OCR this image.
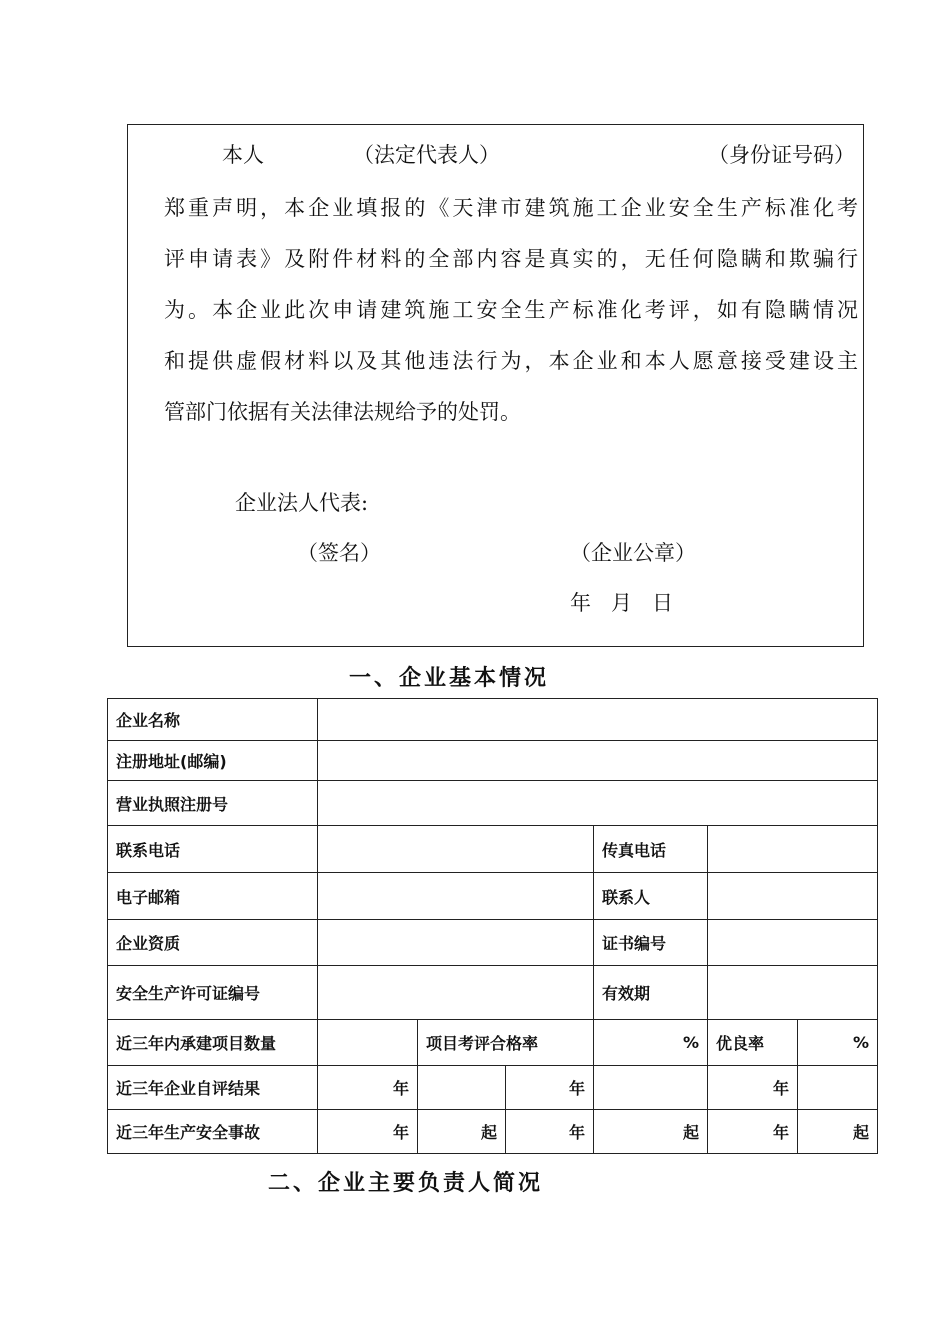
本人	（法定代表人）	（身份证号码）
郑重声明，本企业填报的《天津市建筑施工企业安全生产标准化考
评申请表》及附件材料的全部内容是真实的，无任何隐瞒和欺骗行
为。本企业此次申请建筑施工安全生产标准化考评，如有隐瞒情况
和提供虚假材料以及其他违法行为，本企业和本人愿意接受建设主
管部门依据有关法律法规给予的处罚。
企业法人代表:
（签名）	（企业公章）
年 月 日
一、企业基本情况
企业名称						
注册地址(邮编)						
营业执照注册号						
联系电话				传真电话		
电子邮箱				联系人		
企业资质				证书编号		
安全生产许可证编号				有效期		
近三年内承建项目数量		项目考评合格率		%	优良率	%
近三年企业自评结果	年		年		年	
近三年生产安全事故	年	起	年	起	年	起
二、企业主要负责人简况
